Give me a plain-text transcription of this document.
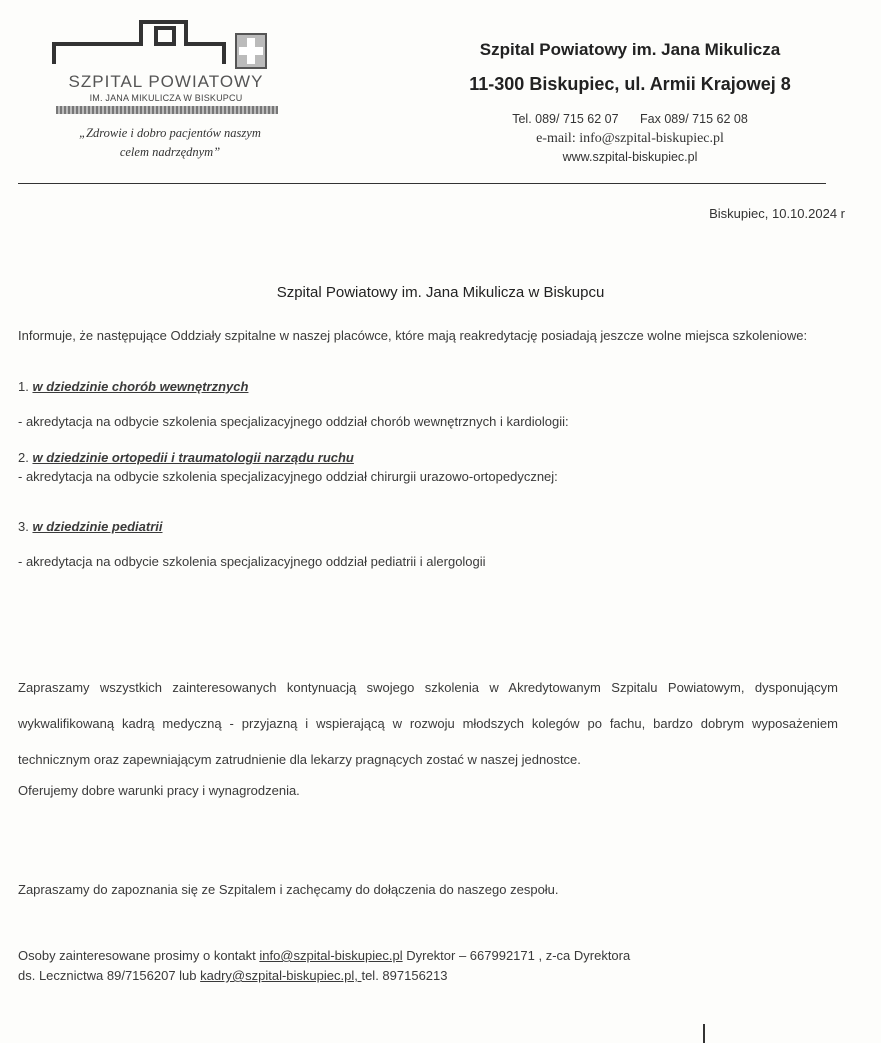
SZPITAL POWIATOWY
IM. JANA MIKULICZA W BISKUPCU
„Zdrowie i dobro pacjentów naszym
celem nadrzędnym”
Szpital Powiatowy im. Jana Mikulicza
11-300 Biskupiec, ul. Armii Krajowej 8
Tel. 089/ 715 62 07 Fax 089/ 715 62 08
e-mail: info@szpital-biskupiec.pl
www.szpital-biskupiec.pl
Biskupiec, 10.10.2024 r
Szpital Powiatowy im. Jana Mikulicza w Biskupcu
Informuje, że następujące Oddziały szpitalne w naszej placówce, które mają reakredytację posiadają jeszcze wolne miejsca szkoleniowe:
1. w dziedzinie chorób wewnętrznych
- akredytacja na odbycie szkolenia specjalizacyjnego oddział chorób wewnętrznych i kardiologii:
2. w dziedzinie ortopedii i traumatologii narządu ruchu
- akredytacja na odbycie szkolenia specjalizacyjnego oddział chirurgii urazowo-ortopedycznej:
3. w dziedzinie pediatrii
- akredytacja na odbycie szkolenia specjalizacyjnego oddział pediatrii i alergologii
Zapraszamy wszystkich zainteresowanych kontynuacją swojego szkolenia w Akredytowanym Szpitalu Powiatowym, dysponującym wykwalifikowaną kadrą medyczną - przyjazną i wspierającą w rozwoju młodszych kolegów po fachu, bardzo dobrym wyposażeniem technicznym oraz zapewniającym zatrudnienie dla lekarzy pragnących zostać w naszej jednostce.
Oferujemy dobre warunki pracy i wynagrodzenia.
Zapraszamy do zapoznania się ze Szpitalem i zachęcamy do dołączenia do naszego zespołu.
Osoby zainteresowane prosimy o kontakt info@szpital-biskupiec.pl Dyrektor – 667992171 , z-ca Dyrektora
ds. Lecznictwa 89/7156207 lub kadry@szpital-biskupiec.pl, tel. 897156213
